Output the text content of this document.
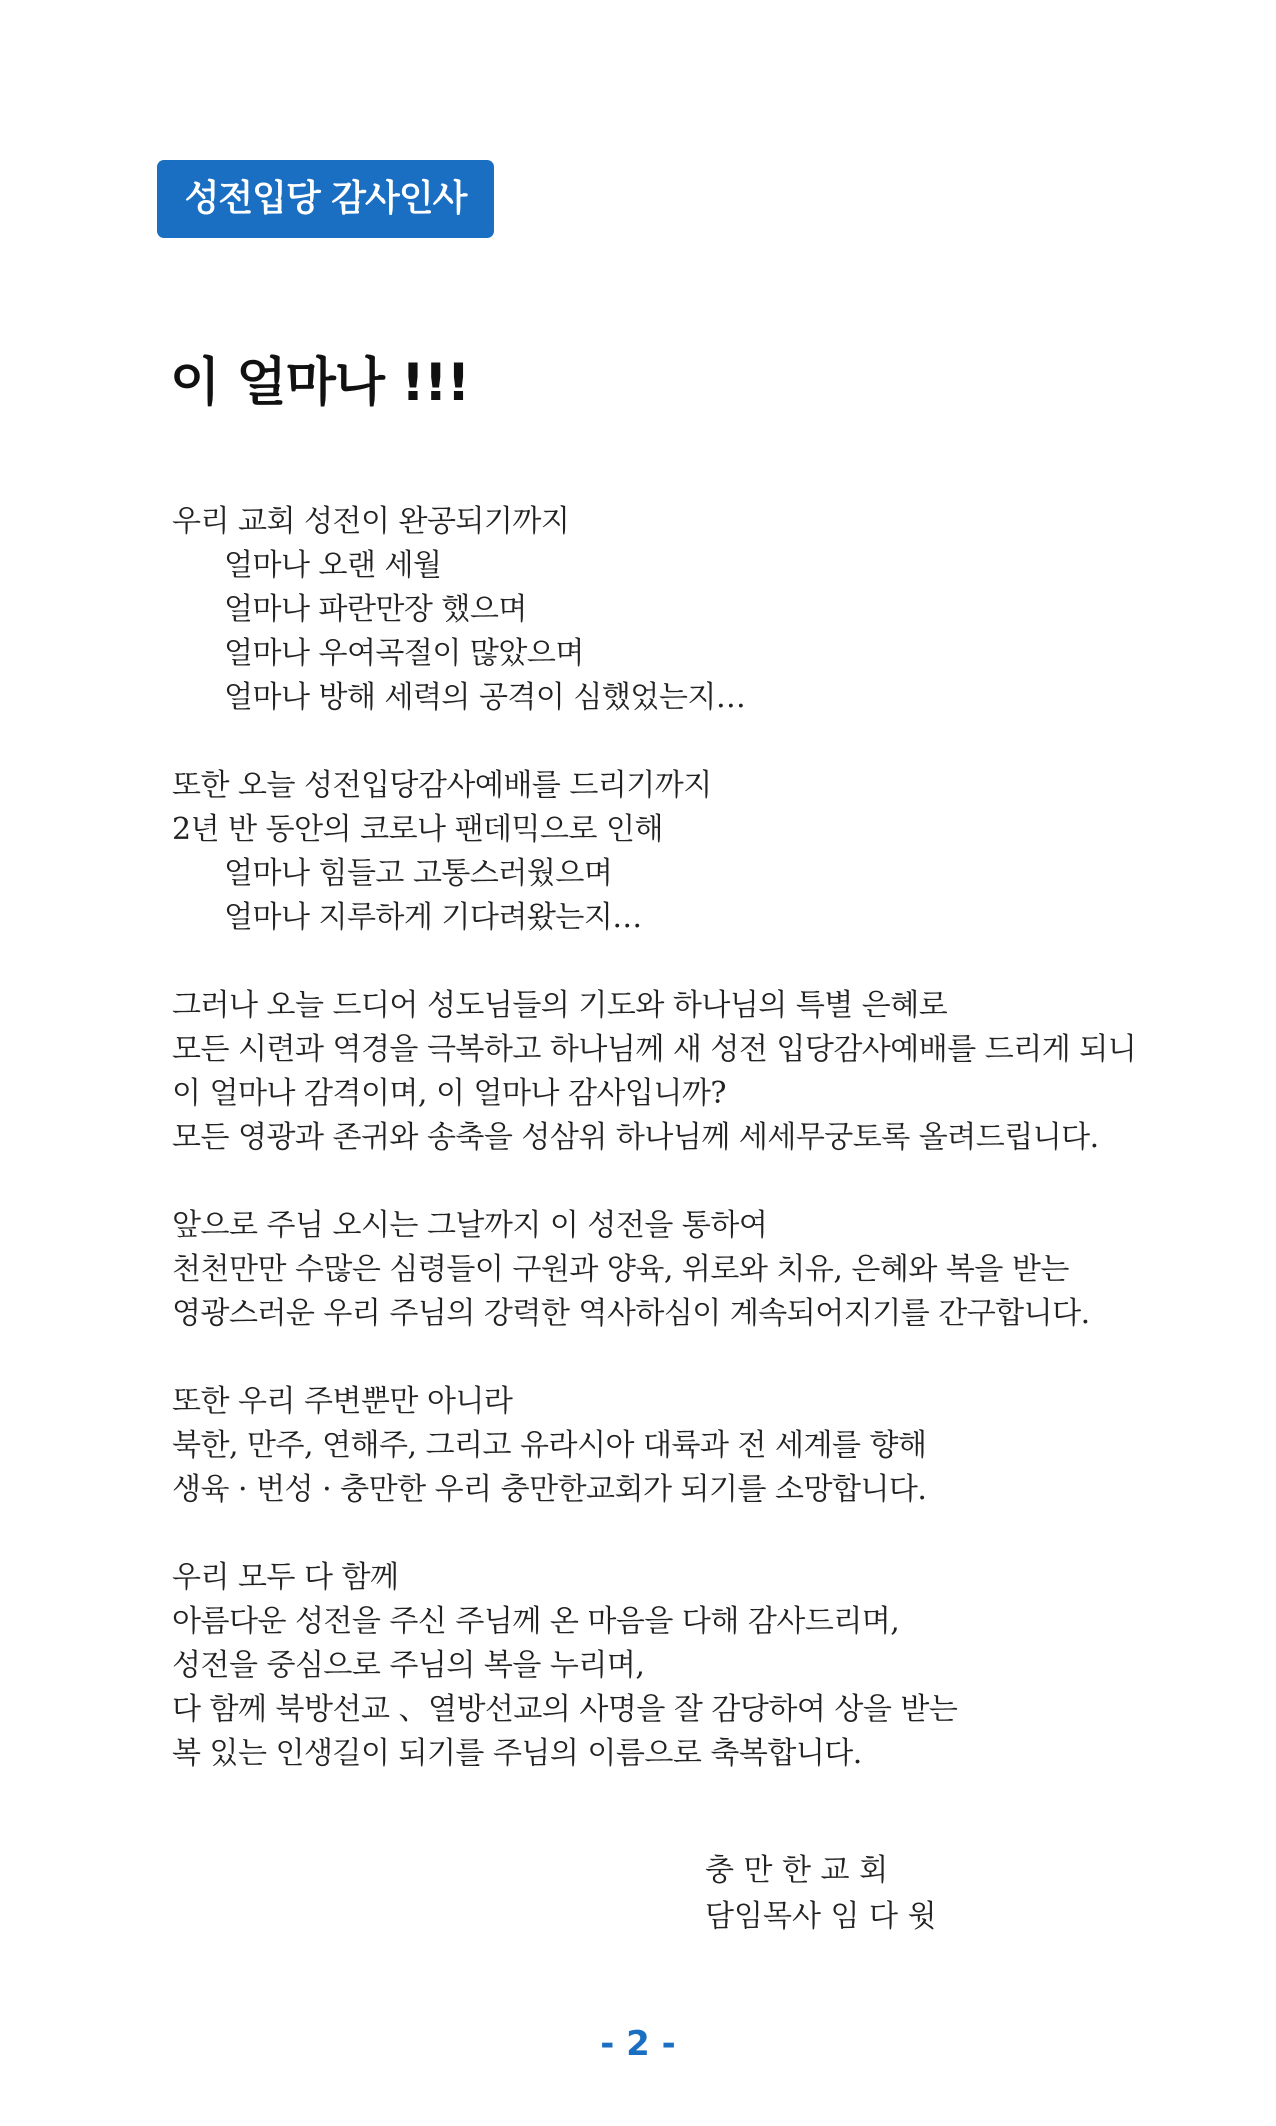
성전입당 감사인사
이 얼마나 !!!

우리 교회 성전이 완공되기까지
얼마나 오랜 세월
얼마나 파란만장 했으며
얼마나 우여곡절이 많았으며
얼마나 방해 세력의 공격이 심했었는지…

또한 오늘 성전입당감사예배를 드리기까지
2년 반 동안의 코로나 팬데믹으로 인해
얼마나 힘들고 고통스러웠으며
얼마나 지루하게 기다려왔는지…

그러나 오늘 드디어 성도님들의 기도와 하나님의 특별 은혜로
모든 시련과 역경을 극복하고 하나님께 새 성전 입당감사예배를 드리게 되니
이 얼마나 감격이며, 이 얼마나 감사입니까?
모든 영광과 존귀와 송축을 성삼위 하나님께 세세무궁토록 올려드립니다.

앞으로 주님 오시는 그날까지 이 성전을 통하여
천천만만 수많은 심령들이 구원과 양육, 위로와 치유, 은혜와 복을 받는
영광스러운 우리 주님의 강력한 역사하심이 계속되어지기를 간구합니다.

또한 우리 주변뿐만 아니라
북한, 만주, 연해주, 그리고 유라시아 대륙과 전 세계를 향해
생육 · 번성 · 충만한 우리 충만한교회가 되기를 소망합니다.

우리 모두 다 함께
아름다운 성전을 주신 주님께 온 마음을 다해 감사드리며,
성전을 중심으로 주님의 복을 누리며,
다 함께 북방선교 、열방선교의 사명을 잘 감당하여 상을 받는
복 있는 인생길이 되기를 주님의 이름으로 축복합니다.

충 만 한 교 회
담임목사 임 다 윗
- 2 -
